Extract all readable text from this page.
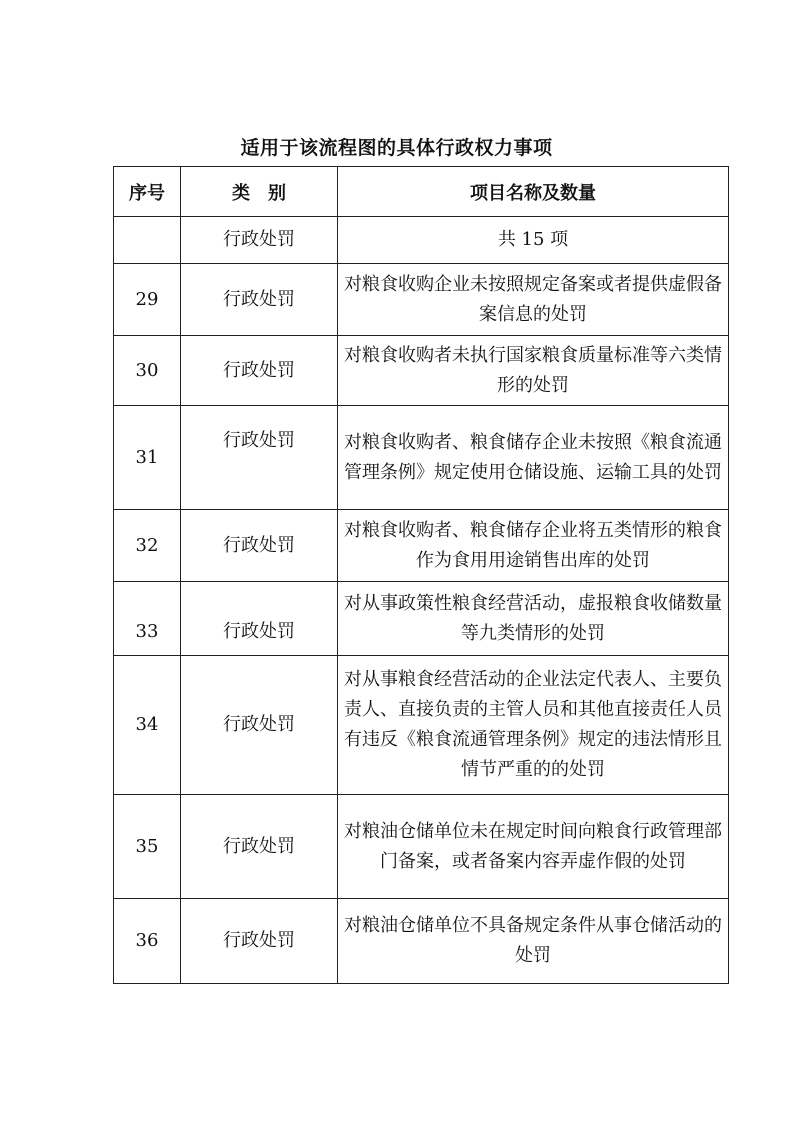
适用于该流程图的具体行政权力事项
序号	类　别	项目名称及数量
	行政处罚	共 15 项
29	行政处罚	对粮食收购企业未按照规定备案或者提供虚假备案信息的处罚
30	行政处罚	对粮食收购者未执行国家粮食质量标准等六类情形的处罚
31	行政处罚	对粮食收购者、粮食储存企业未按照《粮食流通管理条例》规定使用仓储设施、运输工具的处罚
32	行政处罚	对粮食收购者、粮食储存企业将五类情形的粮食作为食用用途销售出库的处罚
33	行政处罚	对从事政策性粮食经营活动，虚报粮食收储数量等九类情形的处罚
34	行政处罚	对从事粮食经营活动的企业法定代表人、主要负责人、直接负责的主管人员和其他直接责任人员有违反《粮食流通管理条例》规定的违法情形且情节严重的的处罚
35	行政处罚	对粮油仓储单位未在规定时间向粮食行政管理部门备案，或者备案内容弄虚作假的处罚
36	行政处罚	对粮油仓储单位不具备规定条件从事仓储活动的处罚
